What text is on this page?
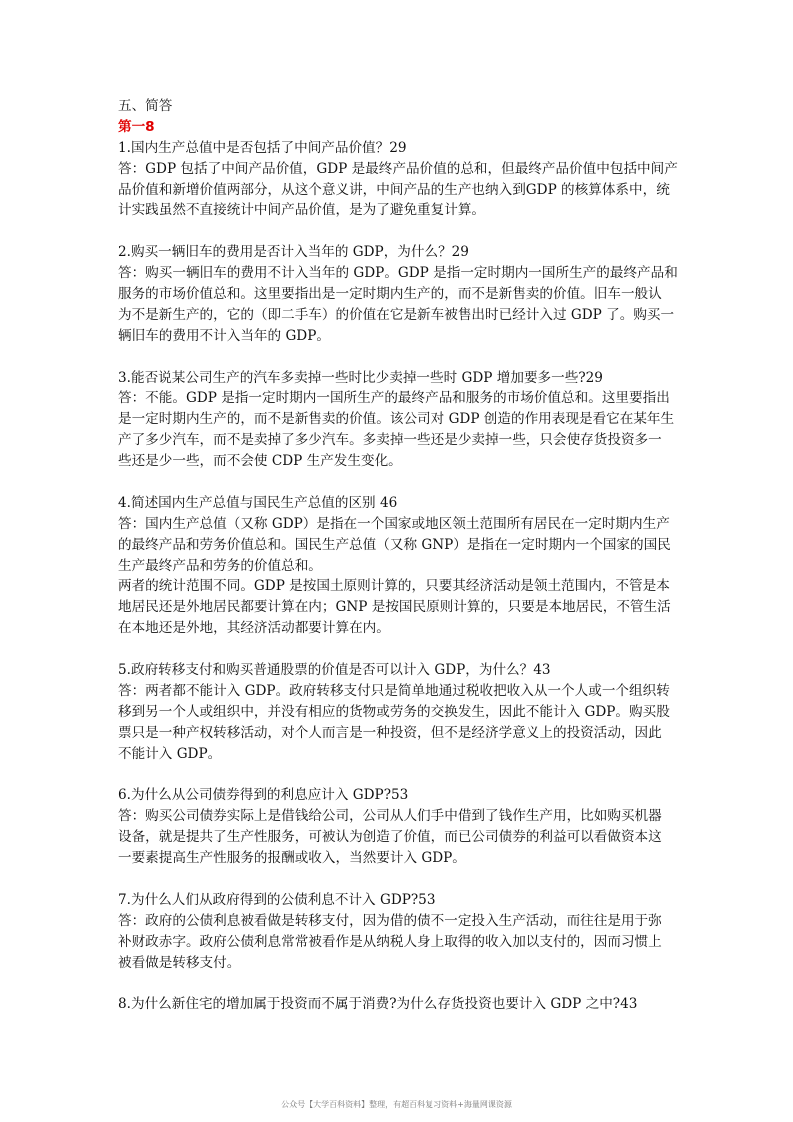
五、简答
第一8
1.国内生产总值中是否包括了中间产品价值？29
答：GDP 包括了中间产品价值，GDP 是最终产品价值的总和，但最终产品价值中包括中间产
品价值和新增价值两部分，从这个意义讲，中间产品的生产也纳入到GDP 的核算体系中，统
计实践虽然不直接统计中间产品价值，是为了避免重复计算。
2.购买一辆旧车的费用是否计入当年的 GDP，为什么？29
答：购买一辆旧车的费用不计入当年的 GDP。GDP 是指一定时期内一国所生产的最终产品和
服务的市场价值总和。这里要指出是一定时期内生产的，而不是新售卖的价值。旧车一般认
为不是新生产的，它的（即二手车）的价值在它是新车被售出时已经计入过 GDP 了。购买一
辆旧车的费用不计入当年的 GDP。
3.能否说某公司生产的汽车多卖掉一些时比少卖掉一些时 GDP 增加要多一些?29
答：不能。GDP 是指一定时期内一国所生产的最终产品和服务的市场价值总和。这里要指出
是一定时期内生产的，而不是新售卖的价值。该公司对 GDP 创造的作用表现是看它在某年生
产了多少汽车，而不是卖掉了多少汽车。多卖掉一些还是少卖掉一些，只会使存货投资多一
些还是少一些，而不会使 CDP 生产发生变化。
4.简述国内生产总值与国民生产总值的区别 46
答：国内生产总值（又称 GDP）是指在一个国家或地区领土范围所有居民在一定时期内生产
的最终产品和劳务价值总和。国民生产总值（又称 GNP）是指在一定时期内一个国家的国民
生产最终产品和劳务的价值总和。
两者的统计范围不同。GDP 是按国土原则计算的，只要其经济活动是领土范围内，不管是本
地居民还是外地居民都要计算在内；GNP 是按国民原则计算的，只要是本地居民，不管生活
在本地还是外地，其经济活动都要计算在内。
5.政府转移支付和购买普通股票的价值是否可以计入 GDP，为什么？43
答：两者都不能计入 GDP。政府转移支付只是简单地通过税收把收入从一个人或一个组织转
移到另一个人或组织中，并没有相应的货物或劳务的交换发生，因此不能计入 GDP。购买股
票只是一种产权转移活动，对个人而言是一种投资，但不是经济学意义上的投资活动，因此
不能计入 GDP。
6.为什么从公司债券得到的利息应计入 GDP?53
答：购买公司债券实际上是借钱给公司，公司从人们手中借到了钱作生产用，比如购买机器
设备，就是提共了生产性服务，可被认为创造了价值，而已公司债券的利益可以看做资本这
一要素提高生产性服务的报酬或收入，当然要计入 GDP。
7.为什么人们从政府得到的公债利息不计入 GDP?53
答：政府的公债利息被看做是转移支付，因为借的债不一定投入生产活动，而往往是用于弥
补财政赤字。政府公债利息常常被看作是从纳税人身上取得的收入加以支付的，因而习惯上
被看做是转移支付。
8.为什么新住宅的增加属于投资而不属于消费?为什么存货投资也要计入 GDP 之中?43
公众号【大学百科资料】整理，有超百科复习资料+海量网课资源
